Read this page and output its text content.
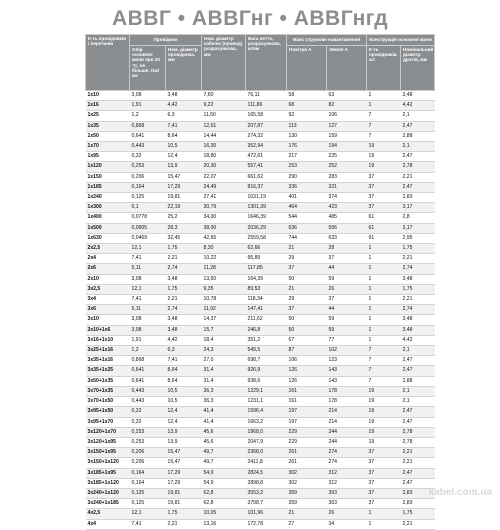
АВВГ • АВВГнг • АВВГнгд
К-ть провідників і перетинів	Провідник		Ном. діаметр кабелю (провод) розрахункова, мм	Вага нетто, розрахункова, кг/км	Макс струмове навантаження		Конструкція основної жили	
	Опір основної жили при 20 °С, не більше, Ом/км	Ном. діаметр провідника, мм			Повітря А	Земля А	К-ть провідників, шт	Номінальний діаметр дротів, мм
1x10	3,08	3,48	7,60	76,11	58	63	1	3,48
1x16	1,91	4,42	9,22	111,86	68	82	1	4,42
1x25	1,2	6,3	11,50	165,58	92	106	7	2,1
1x35	0,868	7,41	12,61	207,87	113	127	7	2,47
1x50	0,641	8,64	14,44	274,32	130	159	7	2,88
1x70	0,443	10,5	16,30	352,94	176	194	19	2,1
1x95	0,32	12,4	18,80	472,61	217	225	19	2,47
1x120	0,253	13,9	20,30	557,41	253	252	19	2,78
1x150	0,206	15,47	22,07	661,62	290	283	37	2,21
1x185	0,164	17,29	24,49	816,37	336	321	37	2,47
1x240	0,125	19,81	27,41	1031,19	401	374	37	2,83
1x300	0,1	22,19	30,79	1301,39	464	423	37	3,17
1x400	0,0778	25,2	34,00	1646,39	544	485	61	2,8
1x500	0,0605	28,3	38,00	2036,29	636	556	61	3,17
1x630	0,0469	32,45	42,65	2559,58	744	633	91	2,95
2x2,5	12,1	1,75	8,30	62,66	21	28	1	1,75
2x4	7,41	2,21	10,22	95,89	29	37	1	2,21
2x6	5,11	2,74	11,28	117,85	37	44	1	2,74
2x10	3,08	3,48	13,50	164,39	50	59	1	3,48
3x2,5	12,1	1,75	9,35	89,53	21	26	1	1,75
3x4	7,41	2,21	10,78	118,34	29	37	1	2,21
3x6	5,11	2,74	11,92	147,41	37	44	1	2,74
3x10	3,08	3,48	14,37	211,62	50	59	1	3,48
3x10+1x6	3,08	3,48	15,7	246,8	50	59	1	3,48
3x16+1x10	1,91	4,42	18,4	351,2	67	77	1	4,42
3x25+1x16	1,2	6,3	24,3	549,5	87	102	7	2,1
3x35+1x16	0,868	7,41	27,0	698,7	106	123	7	2,47
3x35+1x25	0,641	8,64	31,4	926,9	126	143	7	2,47
3x50+1x35	0,641	8,64	31,4	938,6	126	143	7	2,88
3x70+1x35	0,443	10,5	36,3	1229,1	161	178	19	2,1
3x70+1x50	0,443	10,5	36,3	1231,1	161	178	19	2,1
3x95+1x50	0,32	12,4	41,4	1596,4	197	214	19	2,47
3x95+1x70	0,32	12,4	41,4	1663,2	197	214	19	2,47
3x120+1x70	0,253	13,9	45,6	1968,0	229	244	19	2,78
3x120+1x95	0,253	13,9	45,6	2047,9	229	244	19	2,78
3x150+1x95	0,206	15,47	49,7	2368,0	261	274	37	2,21
3x150+1x120	0,206	15,47	49,7	2411,8	261	274	37	2,21
3x185+1x95	0,164	17,29	54,9	2824,5	302	312	37	2,47
3x185+1x120	0,164	17,29	54,9	2898,8	302	312	37	2,47
3x240+1x120	0,125	19,81	62,8	3553,2	359	363	37	2,83
3x240+1x185	0,125	19,81	62,8	3708,7	359	363	37	2,83
4x2,5	12,1	1,75	10,05	101,96	21	26	1	1,75
4x4	7,41	2,21	13,16	172,78	27	34	1	2,21
kabel.com.ua
